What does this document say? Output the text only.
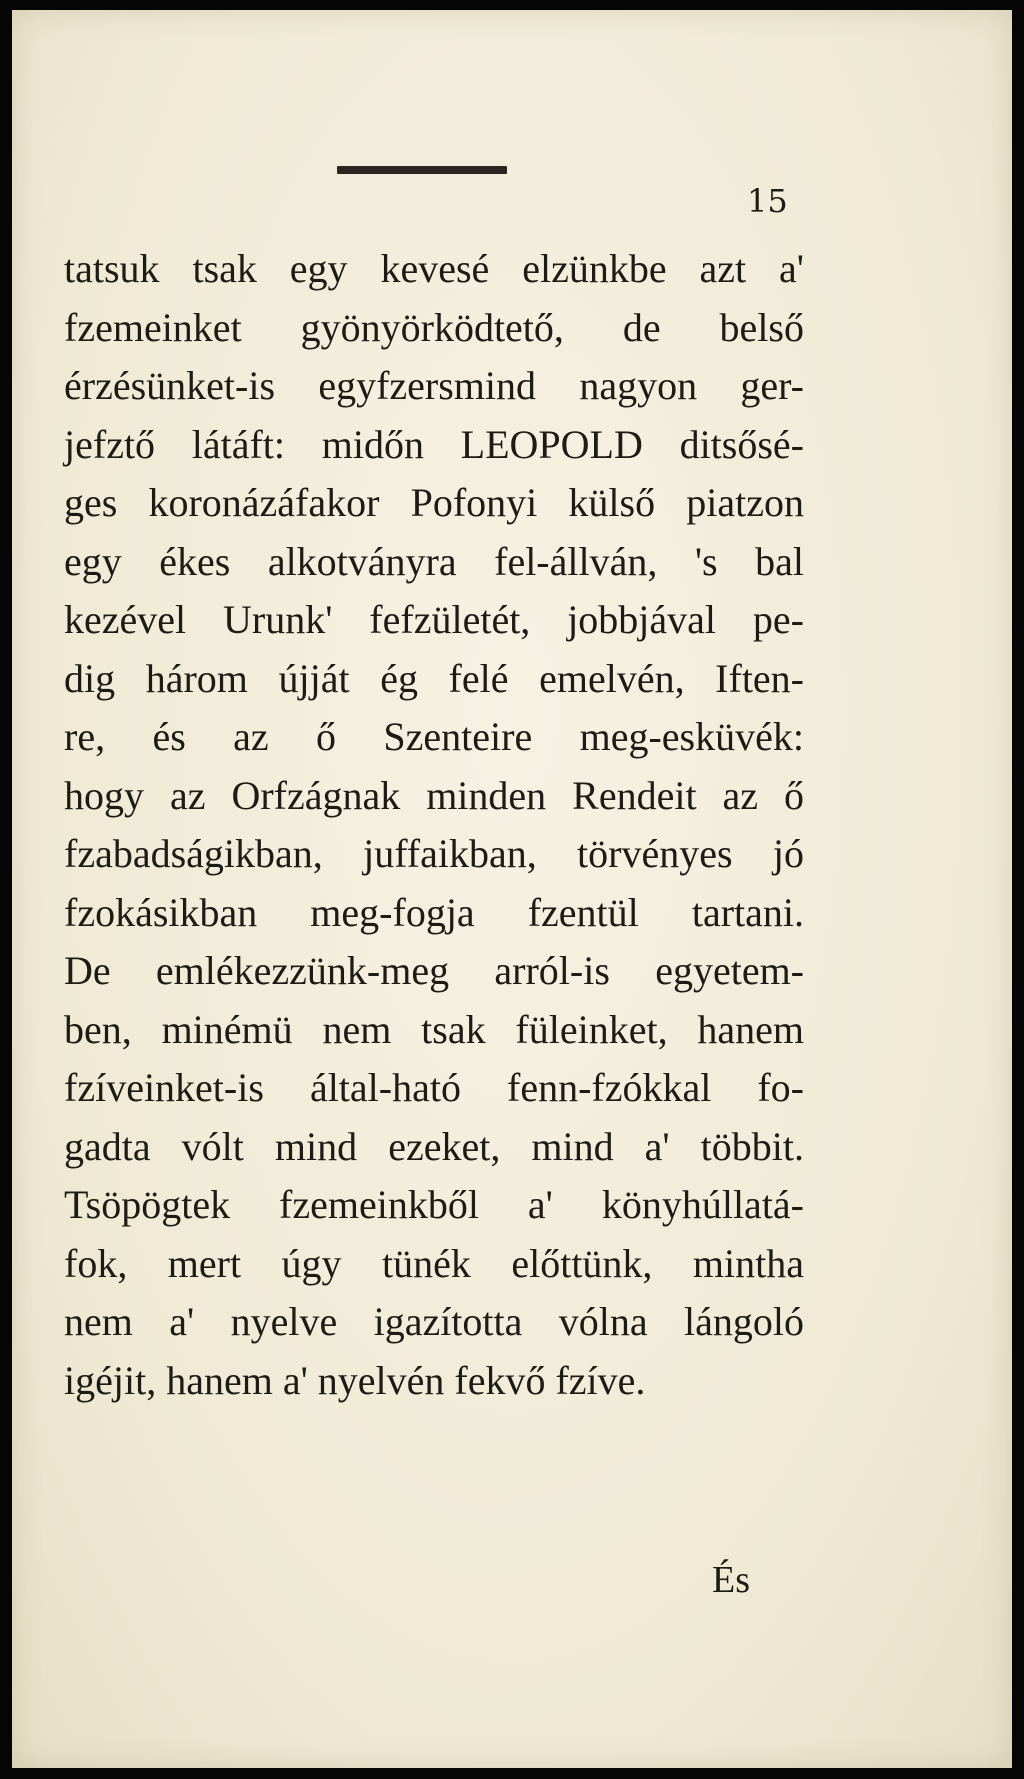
15
tatsuk tsak egy kevesé elzünkbe azt a'
fzemeinket gyönyörködtető, de belső
érzésünket-is egyfzersmind nagyon ger-
jefztő látáft: midőn LEOPOLD ditsősé-
ges koronázáfakor Pofonyi külső piatzon
egy ékes alkotványra fel-állván, 's bal
kezével Urunk' fefzületét, jobbjával pe-
dig három újját ég felé emelvén, Iften-
re, és az ő Szenteire meg-esküvék:
hogy az Orfzágnak minden Rendeit az ő
fzabadságikban, juffaikban, törvényes jó
fzokásikban meg-fogja fzentül tartani.
De emlékezzünk-meg arról-is egyetem-
ben, minémü nem tsak füleinket, hanem
fzíveinket-is által-ható fenn-fzókkal fo-
gadta vólt mind ezeket, mind a' többit.
Tsöpögtek fzemeinkből a' könyhúllatá-
fok, mert úgy tünék előttünk, mintha
nem a' nyelve igazította vólna lángoló
igéjit, hanem a' nyelvén fekvő fzíve.
És
